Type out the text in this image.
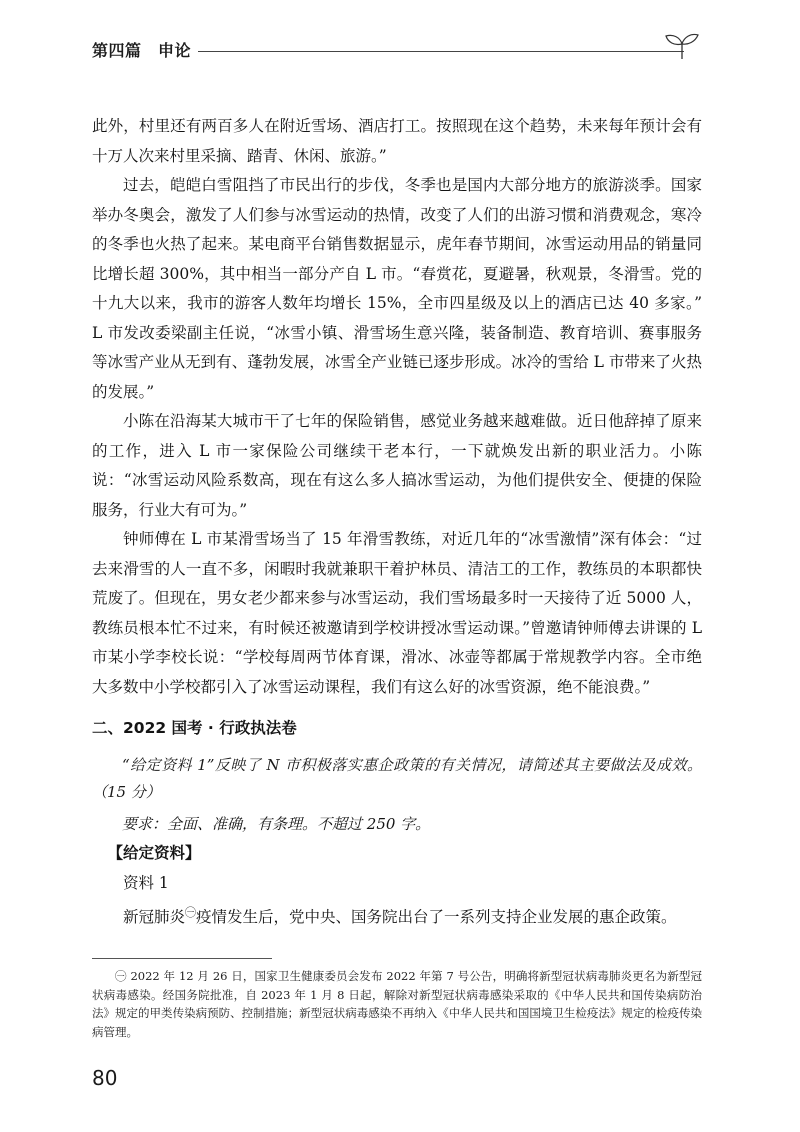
第四篇　申论

此外，村里还有两百多人在附近雪场、酒店打工。按照现在这个趋势，未来每年预计会有十万人次来村里采摘、踏青、休闲、旅游。”

过去，皑皑白雪阻挡了市民出行的步伐，冬季也是国内大部分地方的旅游淡季。国家举办冬奥会，激发了人们参与冰雪运动的热情，改变了人们的出游习惯和消费观念，寒冷的冬季也火热了起来。某电商平台销售数据显示，虎年春节期间，冰雪运动用品的销量同比增长超 300%，其中相当一部分产自 L 市。“春赏花，夏避暑，秋观景，冬滑雪。党的十九大以来，我市的游客人数年均增长 15%，全市四星级及以上的酒店已达 40 多家。” L 市发改委梁副主任说，“冰雪小镇、滑雪场生意兴隆，装备制造、教育培训、赛事服务等冰雪产业从无到有、蓬勃发展，冰雪全产业链已逐步形成。冰冷的雪给 L 市带来了火热的发展。”

小陈在沿海某大城市干了七年的保险销售，感觉业务越来越难做。近日他辞掉了原来的工作，进入 L 市一家保险公司继续干老本行，一下就焕发出新的职业活力。小陈说：“冰雪运动风险系数高，现在有这么多人搞冰雪运动，为他们提供安全、便捷的保险服务，行业大有可为。”

钟师傅在 L 市某滑雪场当了 15 年滑雪教练，对近几年的“冰雪激情”深有体会：“过去来滑雪的人一直不多，闲暇时我就兼职干着护林员、清洁工的工作，教练员的本职都快荒废了。但现在，男女老少都来参与冰雪运动，我们雪场最多时一天接待了近 5000 人，教练员根本忙不过来，有时候还被邀请到学校讲授冰雪运动课。”曾邀请钟师傅去讲课的 L 市某小学李校长说：“学校每周两节体育课，滑冰、冰壶等都属于常规教学内容。全市绝大多数中小学校都引入了冰雪运动课程，我们有这么好的冰雪资源，绝不能浪费。”

二、2022 国考 · 行政执法卷

“给定资料 1”反映了 N 市积极落实惠企政策的有关情况，请简述其主要做法及成效。（15 分）

要求：全面、准确，有条理。不超过 250 字。

【给定资料】

资料 1

新冠肺炎$^㊀$疫情发生后，党中央、国务院出台了一系列支持企业发展的惠企政策。

㊀ 2022 年 12 月 26 日，国家卫生健康委员会发布 2022 年第 7 号公告，明确将新型冠状病毒肺炎更名为新型冠状病毒感染。经国务院批准，自 2023 年 1 月 8 日起，解除对新型冠状病毒感染采取的《中华人民共和国传染病防治法》规定的甲类传染病预防、控制措施；新型冠状病毒感染不再纳入《中华人民共和国国境卫生检疫法》规定的检疫传染病管理。

80
